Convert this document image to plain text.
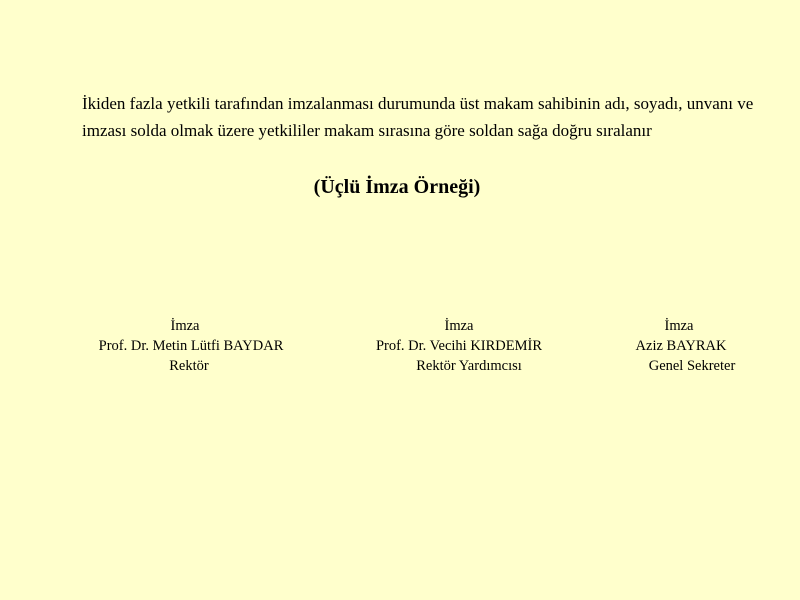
İkiden fazla yetkili tarafından imzalanması durumunda üst makam sahibinin adı, soyadı, unvanı ve imzası solda olmak üzere yetkililer makam sırasına göre soldan sağa doğru sıralanır

(Üçlü İmza Örneği)
İmza
Prof. Dr. Metin Lütfi BAYDAR
Rektör
İmza
Prof. Dr. Vecihi KIRDEMİR
Rektör Yardımcısı
İmza
Aziz BAYRAK
Genel Sekreter
